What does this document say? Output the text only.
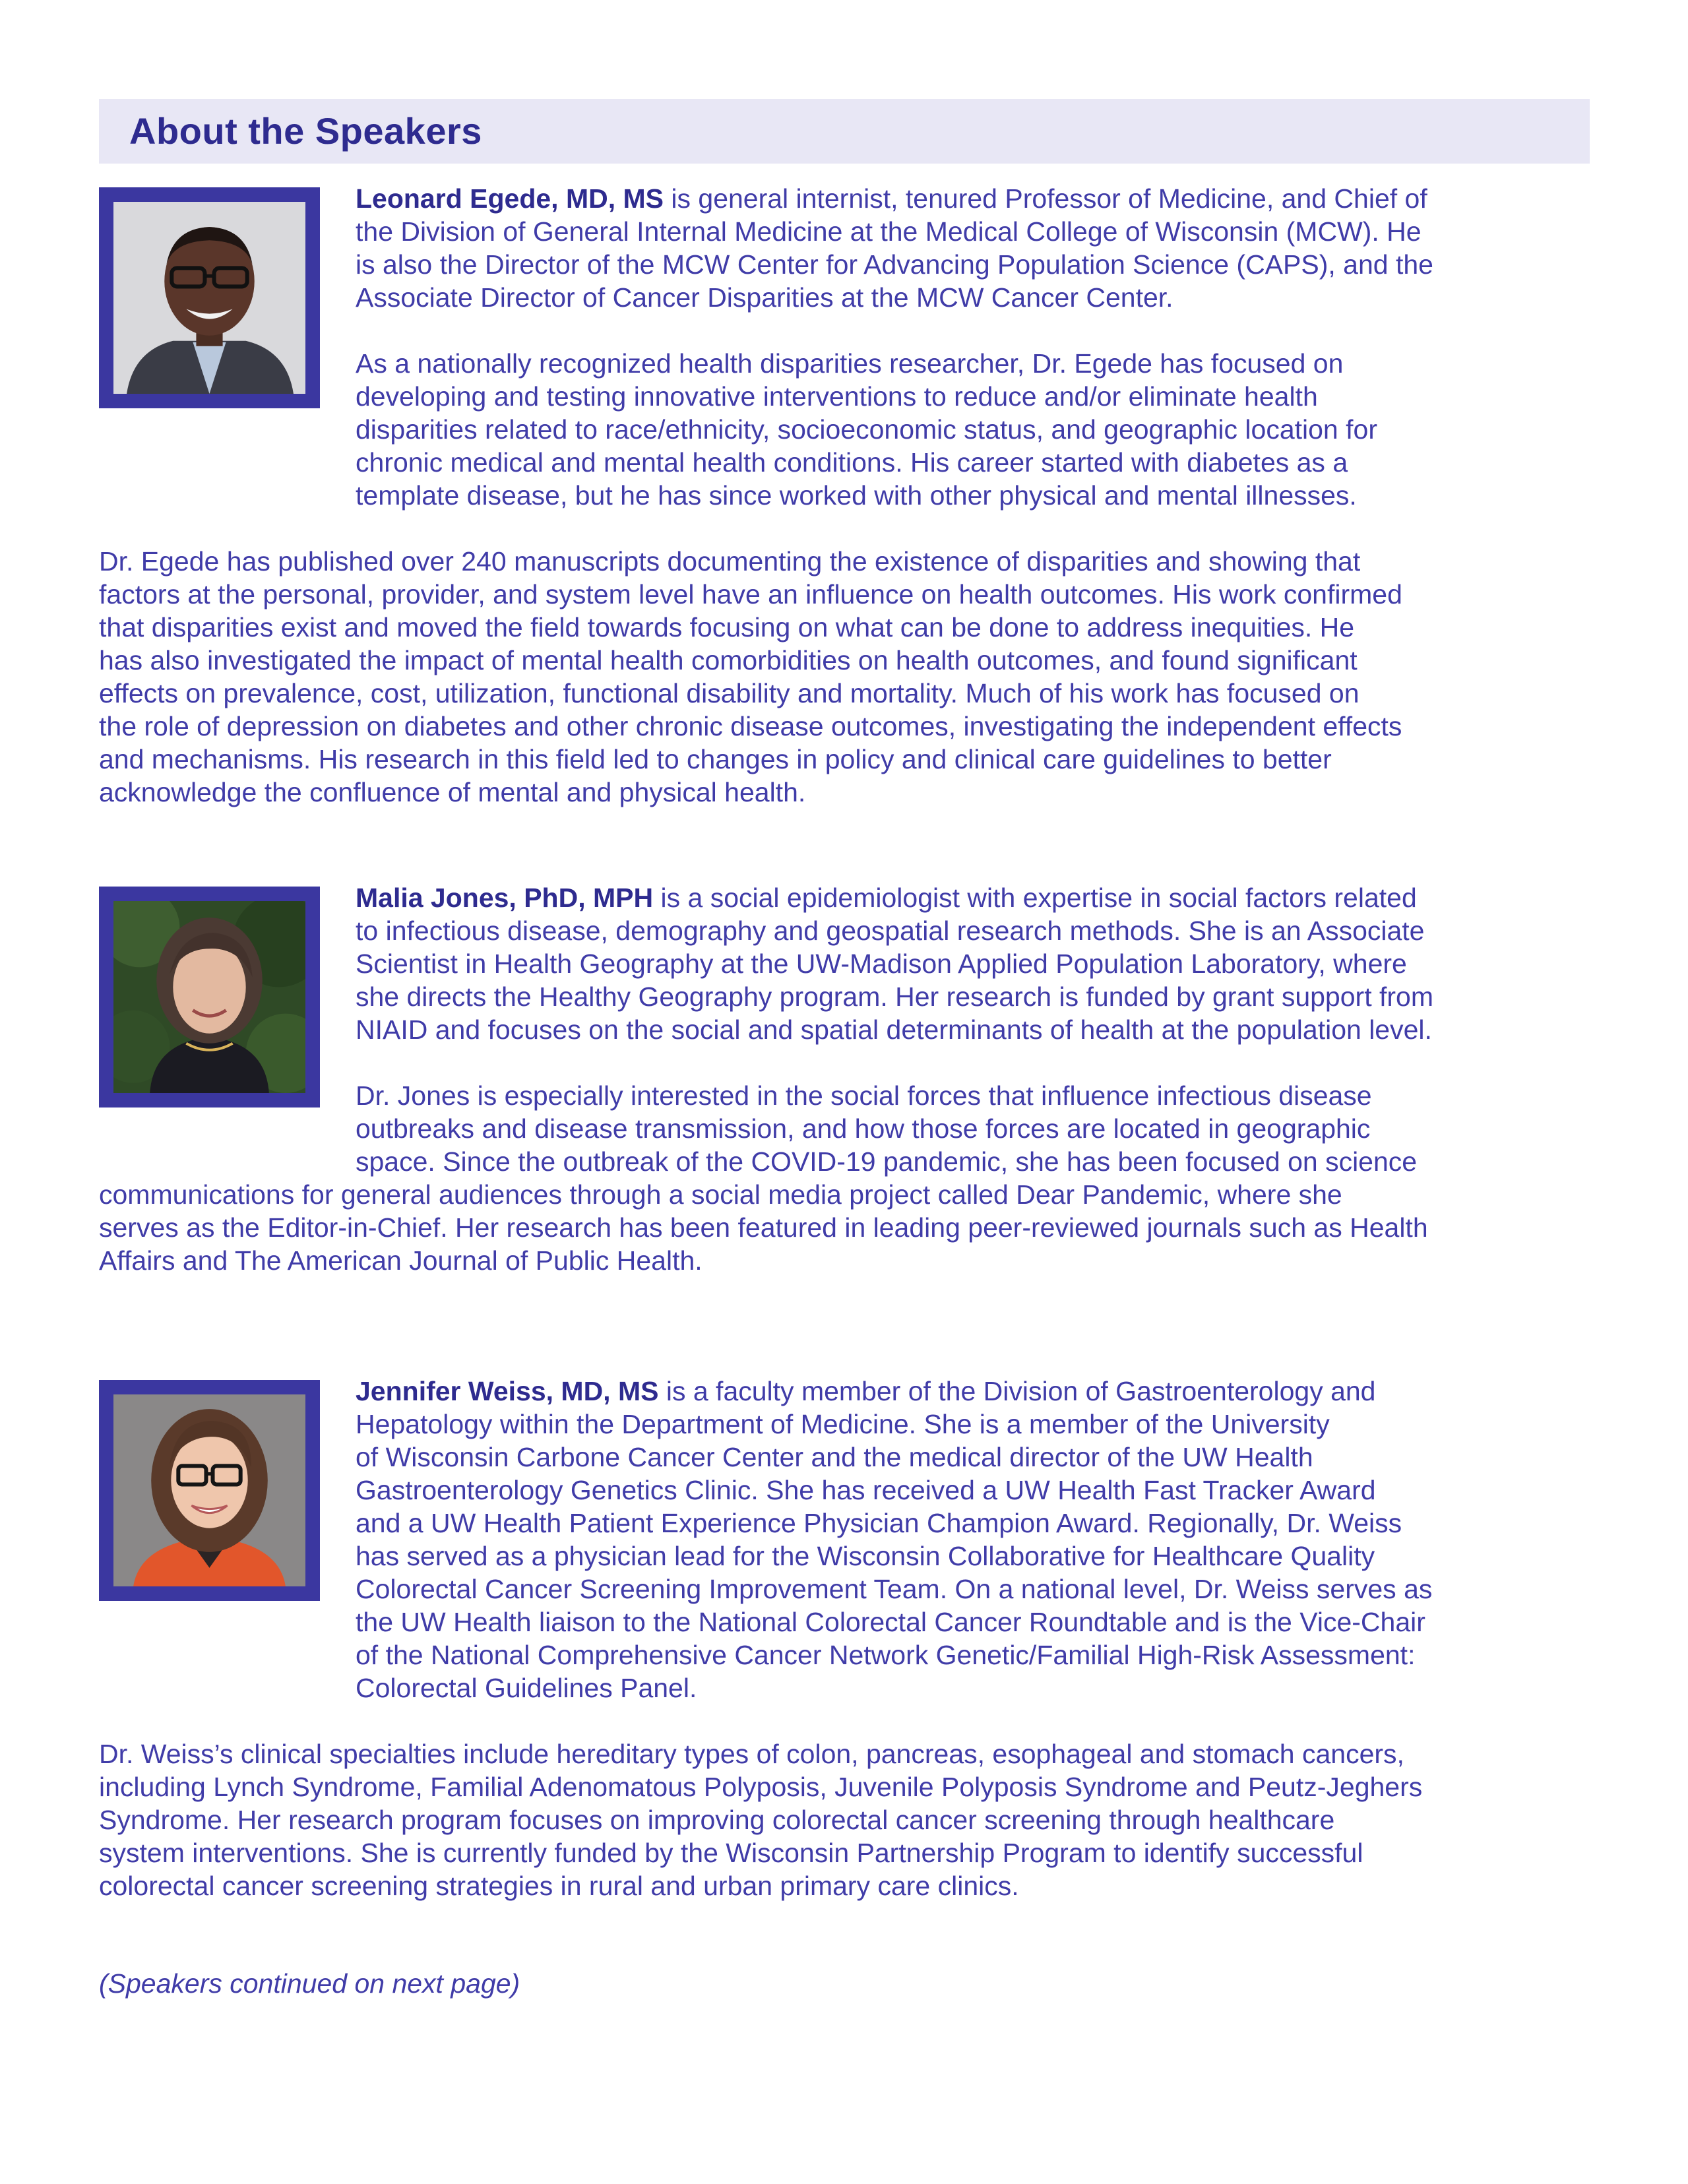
About the Speakers
Leonard Egede, MD, MS is general internist, tenured Professor of Medicine, and Chief of
the Division of General Internal Medicine at the Medical College of Wisconsin (MCW). He
is also the Director of the MCW Center for Advancing Population Science (CAPS), and the
Associate Director of Cancer Disparities at the MCW Cancer Center.
As a nationally recognized health disparities researcher, Dr. Egede has focused on
developing and testing innovative interventions to reduce and/or eliminate health
disparities related to race/ethnicity, socioeconomic status, and geographic location for
chronic medical and mental health conditions. His career started with diabetes as a
template disease, but he has since worked with other physical and mental illnesses.
Dr. Egede has published over 240 manuscripts documenting the existence of disparities and showing that
factors at the personal, provider, and system level have an influence on health outcomes. His work confirmed
that disparities exist and moved the field towards focusing on what can be done to address inequities. He
has also investigated the impact of mental health comorbidities on health outcomes, and found significant
effects on prevalence, cost, utilization, functional disability and mortality. Much of his work has focused on
the role of depression on diabetes and other chronic disease outcomes, investigating the independent effects
and mechanisms. His research in this field led to changes in policy and clinical care guidelines to better
acknowledge the confluence of mental and physical health.
Malia Jones, PhD, MPH is a social epidemiologist with expertise in social factors related
to infectious disease, demography and geospatial research methods. She is an Associate
Scientist in Health Geography at the UW-Madison Applied Population Laboratory, where
she directs the Healthy Geography program. Her research is funded by grant support from
NIAID and focuses on the social and spatial determinants of health at the population level.
Dr. Jones is especially interested in the social forces that influence infectious disease
outbreaks and disease transmission, and how those forces are located in geographic
space. Since the outbreak of the COVID-19 pandemic, she has been focused on science
communications for general audiences through a social media project called Dear Pandemic, where she
serves as the Editor-in-Chief. Her research has been featured in leading peer-reviewed journals such as Health
Affairs and The American Journal of Public Health.
Jennifer Weiss, MD, MS is a faculty member of the Division of Gastroenterology and
Hepatology within the Department of Medicine. She is a member of the University
of Wisconsin Carbone Cancer Center and the medical director of the UW Health
Gastroenterology Genetics Clinic. She has received a UW Health Fast Tracker Award
and a UW Health Patient Experience Physician Champion Award. Regionally, Dr. Weiss
has served as a physician lead for the Wisconsin Collaborative for Healthcare Quality
Colorectal Cancer Screening Improvement Team. On a national level, Dr. Weiss serves as
the UW Health liaison to the National Colorectal Cancer Roundtable and is the Vice-Chair
of the National Comprehensive Cancer Network Genetic/Familial High-Risk Assessment:
Colorectal Guidelines Panel.
Dr. Weiss’s clinical specialties include hereditary types of colon, pancreas, esophageal and stomach cancers,
including Lynch Syndrome, Familial Adenomatous Polyposis, Juvenile Polyposis Syndrome and Peutz-Jeghers
Syndrome. Her research program focuses on improving colorectal cancer screening through healthcare
system interventions. She is currently funded by the Wisconsin Partnership Program to identify successful
colorectal cancer screening strategies in rural and urban primary care clinics.
(Speakers continued on next page)
